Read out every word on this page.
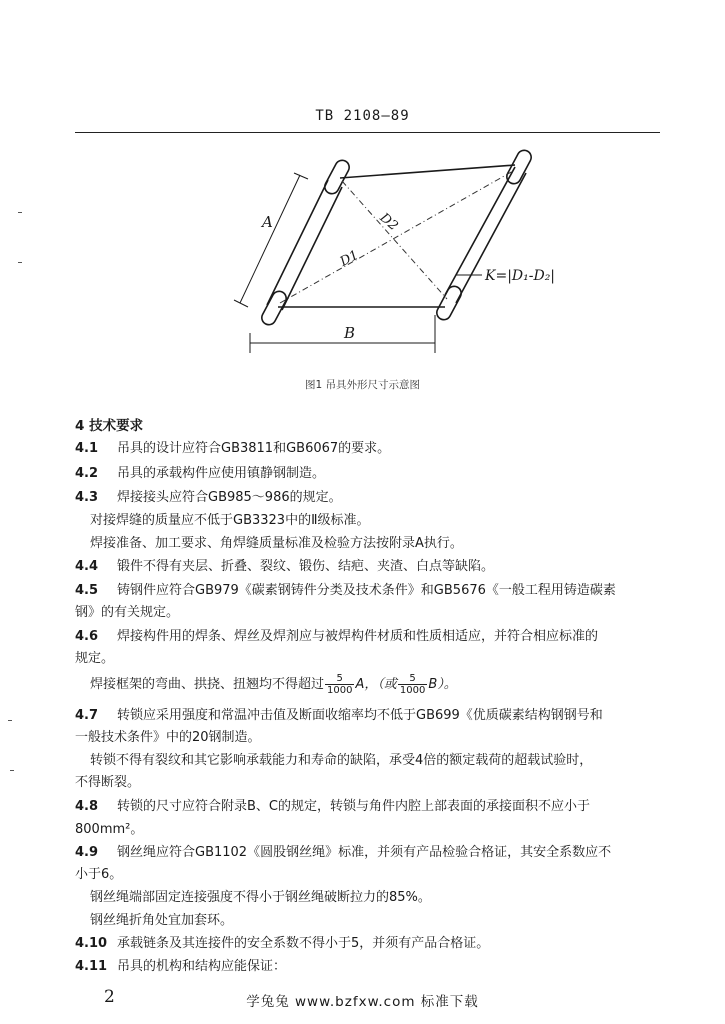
TB 2108—89
A
B
D1
D2
K=|D₁-D₂|
图1 吊具外形尺寸示意图
4 技术要求
4.1 吊具的设计应符合GB3811和GB6067的要求。
4.2 吊具的承载构件应使用镇静钢制造。
4.3 焊接接头应符合GB985～986的规定。
对接焊缝的质量应不低于GB3323中的Ⅱ级标准。
焊接准备、加工要求、角焊缝质量标准及检验方法按附录A执行。
4.4 锻件不得有夹层、折叠、裂纹、锻伤、结疤、夹渣、白点等缺陷。
4.5 铸钢件应符合GB979《碳素钢铸件分类及技术条件》和GB5676《一般工程用铸造碳素
钢》的有关规定。
4.6 焊接构件用的焊条、焊丝及焊剂应与被焊构件材质和性质相适应，并符合相应标准的
规定。
焊接框架的弯曲、拱挠、扭翘均不得超过 $\frac{5}{1000}$ A，（或 $\frac{5}{1000} B$）。
4.7 转锁应采用强度和常温冲击值及断面收缩率均不低于GB699《优质碳素结构钢钢号和
一般技术条件》中的20钢制造。
转锁不得有裂纹和其它影响承载能力和寿命的缺陷，承受4倍的额定载荷的超载试验时，
不得断裂。
4.8 转锁的尺寸应符合附录B、C的规定，转锁与角件内腔上部表面的承接面积不应小于
800mm²。
4.9 钢丝绳应符合GB1102《圆股钢丝绳》标准，并须有产品检验合格证，其安全系数应不
小于6。
钢丝绳端部固定连接强度不得小于钢丝绳破断拉力的85%。
钢丝绳折角处宜加套环。
4.10 承载链条及其连接件的安全系数不得小于5，并须有产品合格证。
4.11 吊具的机构和结构应能保证：
2	学兔兔 www.bzfxw.com 标准下载
